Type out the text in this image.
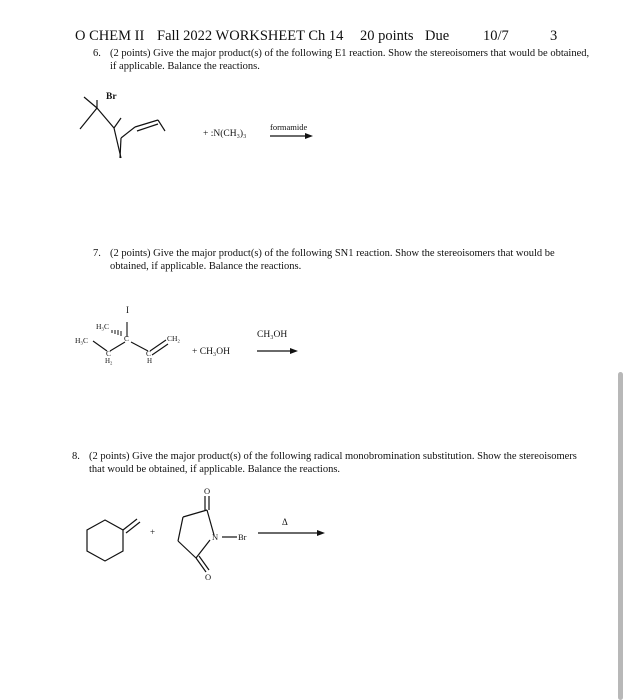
O CHEM II Fall 2022 WORKSHEET Ch 14 20 points Due 10/7	3
6. (2 points) Give the major product(s) of the following E1 reaction. Show the stereoisomers that would be obtained, if applicable. Balance the reactions.
Br
+ :N(CH₃)₃
formamide
7. (2 points) Give the major product(s) of the following SN1 reaction. Show the stereoisomers that would be obtained, if applicable. Balance the reactions.
I
H₃C
H₃C	C
C
H₂
C
H
CH₂
+ CH₃OH
CH₃OH
8. (2 points) Give the major product(s) of the following radical monobromination substitution. Show the stereoisomers that would be obtained, if applicable. Balance the reactions.
+
O
N Br
O
Δ
